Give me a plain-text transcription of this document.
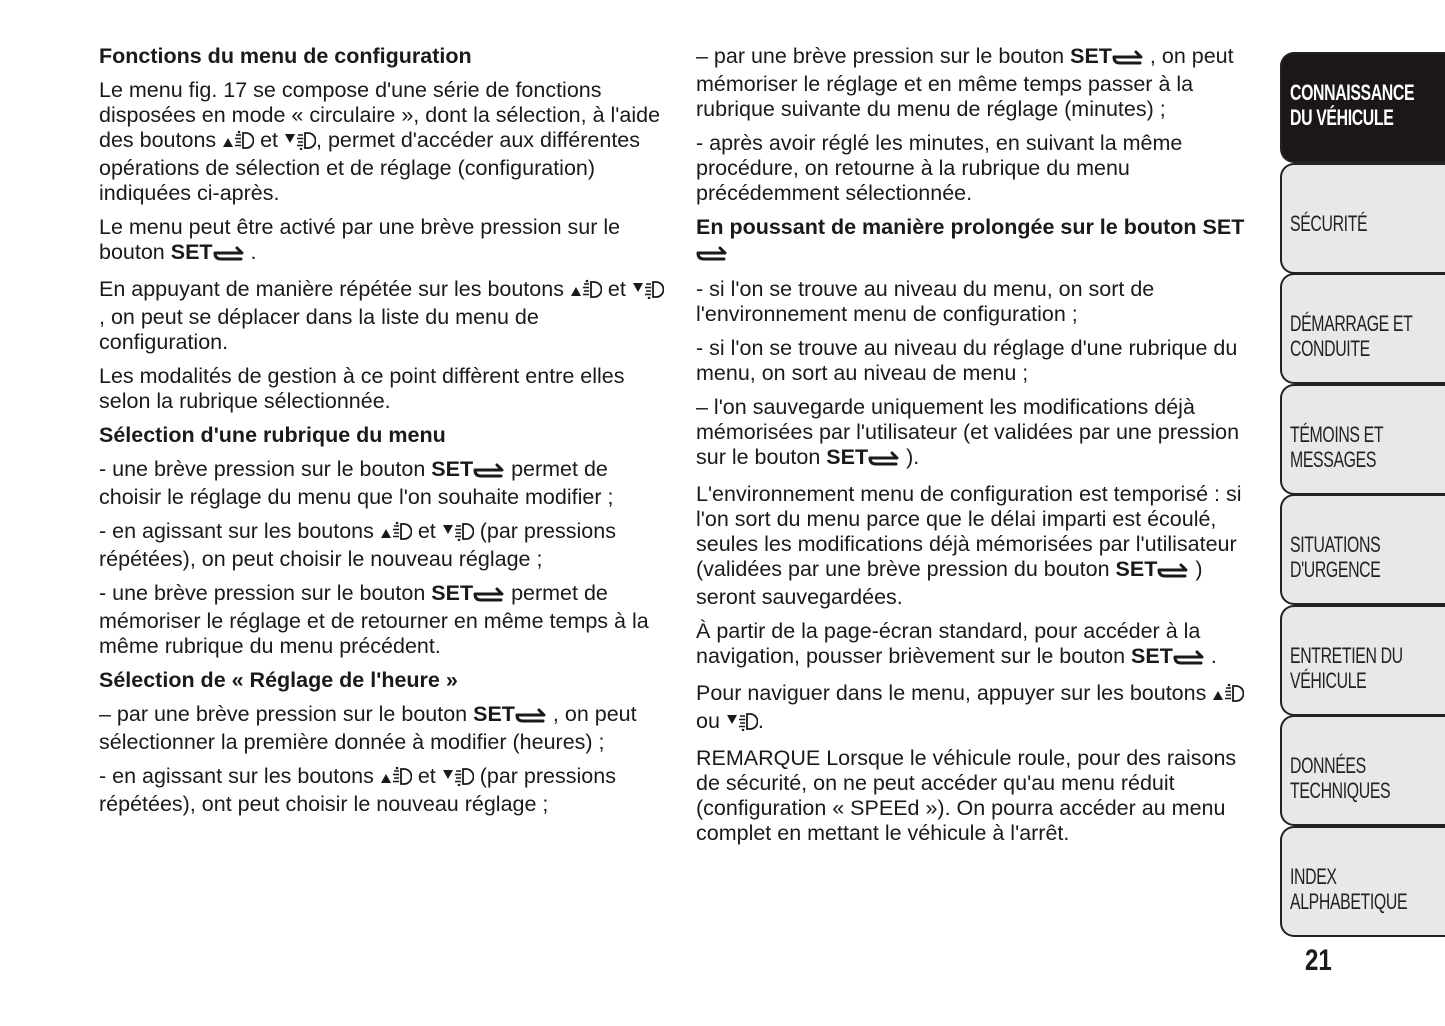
Fonctions du menu de configuration

Le menu fig. 17 se compose d'une série de fonctions disposées en mode « circulaire », dont la sélection, à l'aide des boutons	{up} et	{down} , permet d'accéder aux différentes opérations de sélection et de réglage (configuration) indiquées ci-après.

Le menu peut être activé par une brève pression sur le bouton SET .

En appuyant de manière répétée sur les boutons	{up} et	{down}
, on peut se déplacer dans la liste du menu de configuration.

Les modalités de gestion à ce point diffèrent entre elles selon la rubrique sélectionnée.

Sélection d'une rubrique du menu

- une brève pression sur le bouton SET permet de choisir le réglage du menu que l'on souhaite modifier ;

- en agissant sur les boutons	{up} et	{down} (par pressions répétées), on peut choisir le nouveau réglage ;

- une brève pression sur le bouton SET permet de mémoriser le réglage et de retourner en même temps à la même rubrique du menu précédent.

Sélection de « Réglage de l'heure »

– par une brève pression sur le bouton SET , on peut sélectionner la première donnée à modifier (heures) ;

- en agissant sur les boutons	{up} et	{down} (par pressions répétées), ont peut choisir le nouveau réglage ;

– par une brève pression sur le bouton SET , on peut mémoriser le réglage et en même temps passer à la rubrique suivante du menu de réglage (minutes) ;

- après avoir réglé les minutes, en suivant la même procédure, on retourne à la rubrique du menu précédemment sélectionnée.

En poussant de manière prolongée sur le bouton SET

- si l'on se trouve au niveau du menu, on sort de l'environnement menu de configuration ;

- si l'on se trouve au niveau du réglage d'une rubrique du menu, on sort au niveau de menu ;

– l'on sauvegarde uniquement les modifications déjà mémorisées par l'utilisateur (et validées par une pression sur le bouton SET ).

L'environnement menu de configuration est temporisé : si l'on sort du menu parce que le délai imparti est écoulé, seules les modifications déjà mémorisées par l'utilisateur (validées par une brève pression du bouton SET ) seront sauvegardées.

À partir de la page-écran standard, pour accéder à la navigation, pousser brièvement sur le bouton SET .

Pour naviguer dans le menu, appuyer sur les boutons	{up}
ou	{down} .

REMARQUE Lorsque le véhicule roule, pour des raisons de sécurité, on ne peut accéder qu'au menu réduit (configuration « SPEEd »). On pourra accéder au menu complet en mettant le véhicule à l'arrêt.

CONNAISSANCE
DU VÉHICULE
SÉCURITÉ
DÉMARRAGE ET
CONDUITE
TÉMOINS ET
MESSAGES
SITUATIONS
D'URGENCE
ENTRETIEN DU
VÉHICULE
DONNÉES
TECHNIQUES
INDEX
ALPHABETIQUE
21
